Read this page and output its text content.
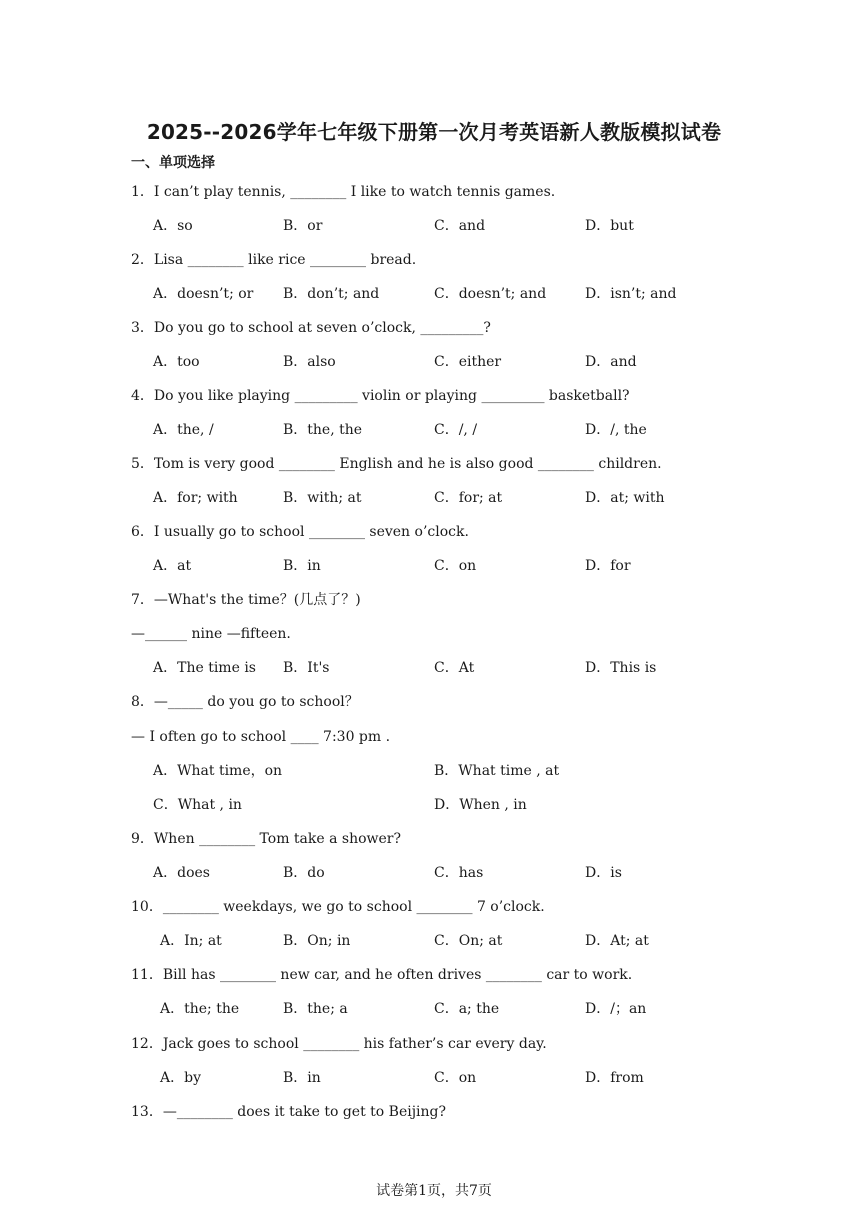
2025--2026学年七年级下册第一次月考英语新人教版模拟试卷
一、单项选择
1．I can’t play tennis, ________ I like to watch tennis games.
A．so	B．or	C．and	D．but
2．Lisa ________ like rice ________ bread.
A．doesn’t; or B．don’t; and	C．doesn’t; and	D．isn’t; and
3．Do you go to school at seven o’clock, _________?
A．too	B．also	C．either	D．and
4．Do you like playing _________ violin or playing _________ basketball?
A．the, /	B．the, the	C．/, /	D．/, the
5．Tom is very good ________ English and he is also good ________ children.
A．for; with	B．with; at	C．for; at	D．at; with
6．I usually go to school ________ seven o’clock.
A．at	B．in	C．on	D．for
7．—What's the time？(几点了？)
—______ nine —fifteen.
A．The time is B．It's	C．At	D．This is
8．—_____ do you go to school？
— I often go to school ____ 7:30 pm .
A．What time，on	B．What time , at
C．What , in	D．When , in
9．When ________ Tom take a shower?
A．does	B．do	C．has	D．is
10．________ weekdays, we go to school ________ 7 o’clock.
A．In; at	B．On; in	C．On; at	D．At; at
11．Bill has ________ new car, and he often drives ________ car to work.
A．the; the	B．the; a	C．a; the	D．/；an
12．Jack goes to school ________ his father’s car every day.
A．by	B．in	C．on	D．from
13．—________ does it take to get to Beijing?
试卷第1页，共7页
